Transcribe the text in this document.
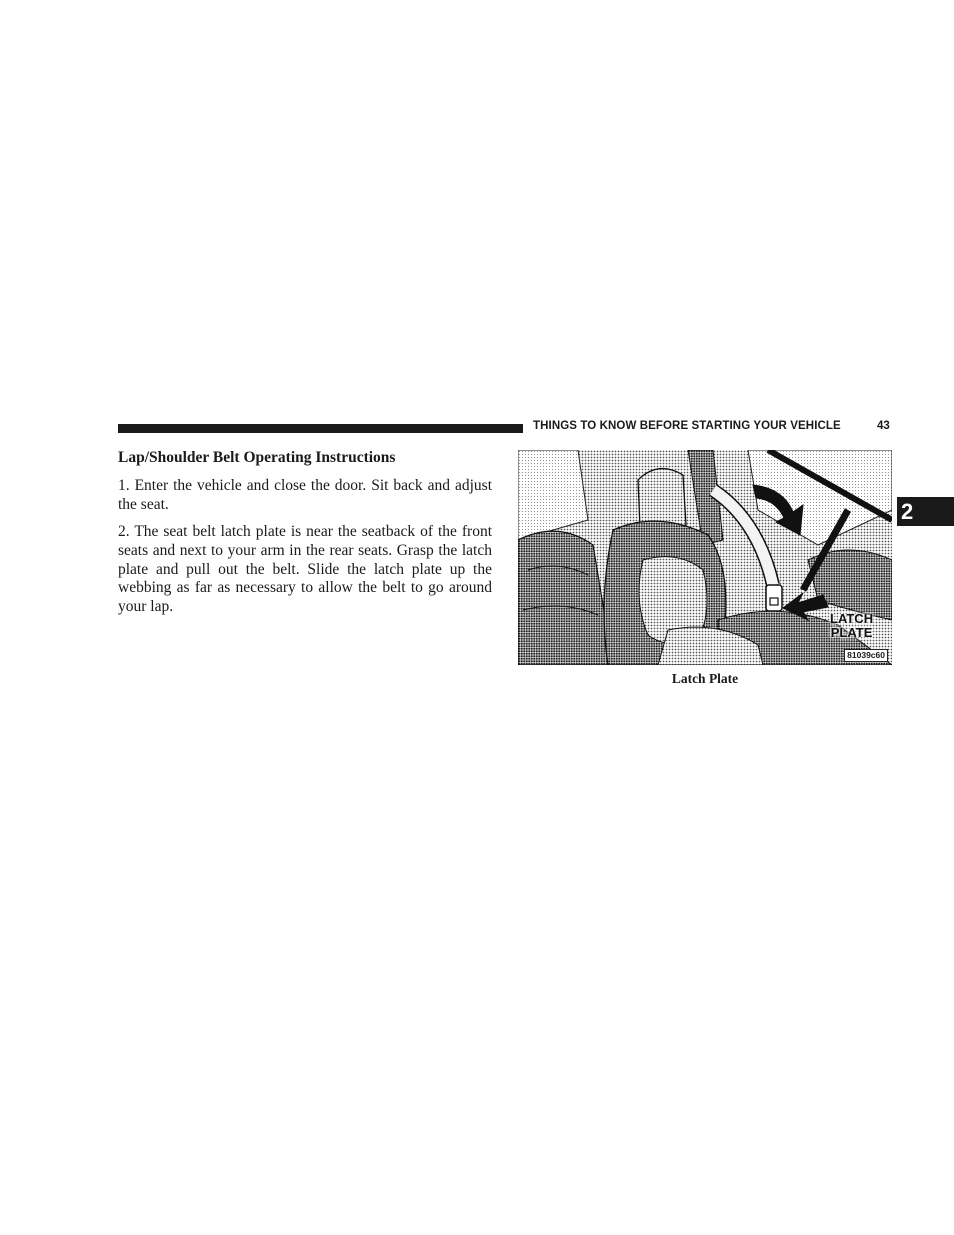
THINGS TO KNOW BEFORE STARTING YOUR VEHICLE	43
2
Lap/Shoulder Belt Operating Instructions

1. Enter the vehicle and close the door. Sit back and adjust the seat.

2. The seat belt latch plate is near the seatback of the front seats and next to your arm in the rear seats. Grasp the latch plate and pull out the belt. Slide the latch plate up the webbing as far as necessary to allow the belt to go around your lap.

LATCH
PLATE
81039c60
Latch Plate
